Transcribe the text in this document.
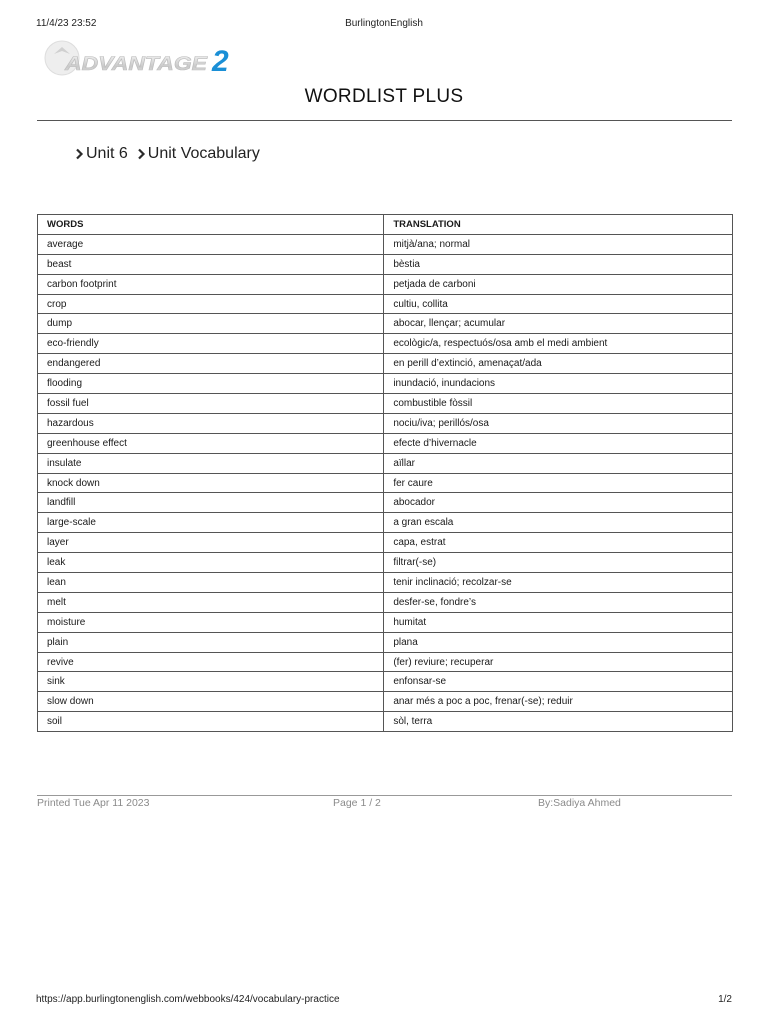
11/4/23 23:52	BurlingtonEnglish
ADVANTAGE 2
WORDLIST PLUS
Unit 6 Unit Vocabulary
WORDS	TRANSLATION
average	mitjà/ana; normal
beast	bèstia
carbon footprint	petjada de carboni
crop	cultiu, collita
dump	abocar, llençar; acumular
eco-friendly	ecològic/a, respectuós/osa amb el medi ambient
endangered	en perill d’extinció, amenaçat/ada
flooding	inundació, inundacions
fossil fuel	combustible fòssil
hazardous	nociu/iva; perillós/osa
greenhouse effect	efecte d’hivernacle
insulate	aïllar
knock down	fer caure
landfill	abocador
large-scale	a gran escala
layer	capa, estrat
leak	filtrar(-se)
lean	tenir inclinació; recolzar-se
melt	desfer-se, fondre’s
moisture	humitat
plain	plana
revive	(fer) reviure; recuperar
sink	enfonsar-se
slow down	anar més a poc a poc, frenar(-se); reduir
soil	sòl, terra
Printed Tue Apr 11 2023	Page 1 / 2	By:Sadiya Ahmed
https://app.burlingtonenglish.com/webbooks/424/vocabulary-practice	1/2
